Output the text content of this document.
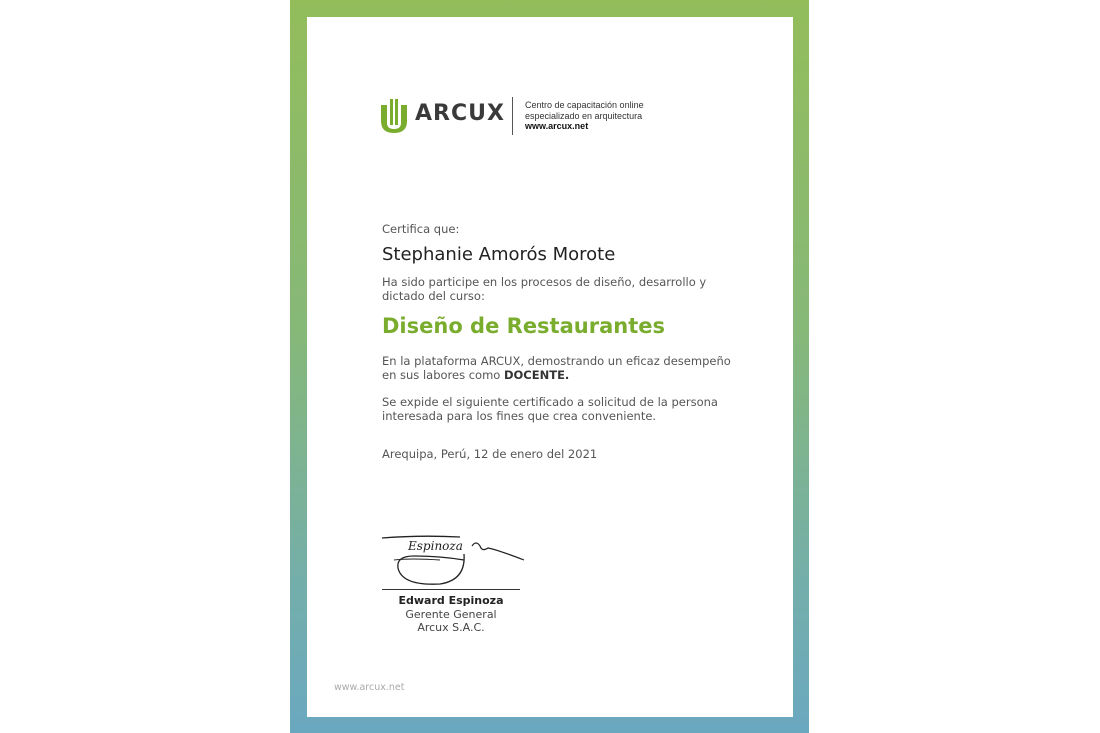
ARCUX Centro de capacitación online
especializado en arquitectura
www.arcux.net
Certifica que:
Stephanie Amorós Morote
Ha sido participe en los procesos de diseño, desarrollo y
dictado del curso:
Diseño de Restaurantes
En la plataforma ARCUX, demostrando un eficaz desempeño
en sus labores como DOCENTE.
Se expide el siguiente certificado a solicitud de la persona
interesada para los fines que crea conveniente.
Arequipa, Perú, 12 de enero del 2021
Espinoza
Edward Espinoza
Gerente General
Arcux S.A.C.
www.arcux.net
